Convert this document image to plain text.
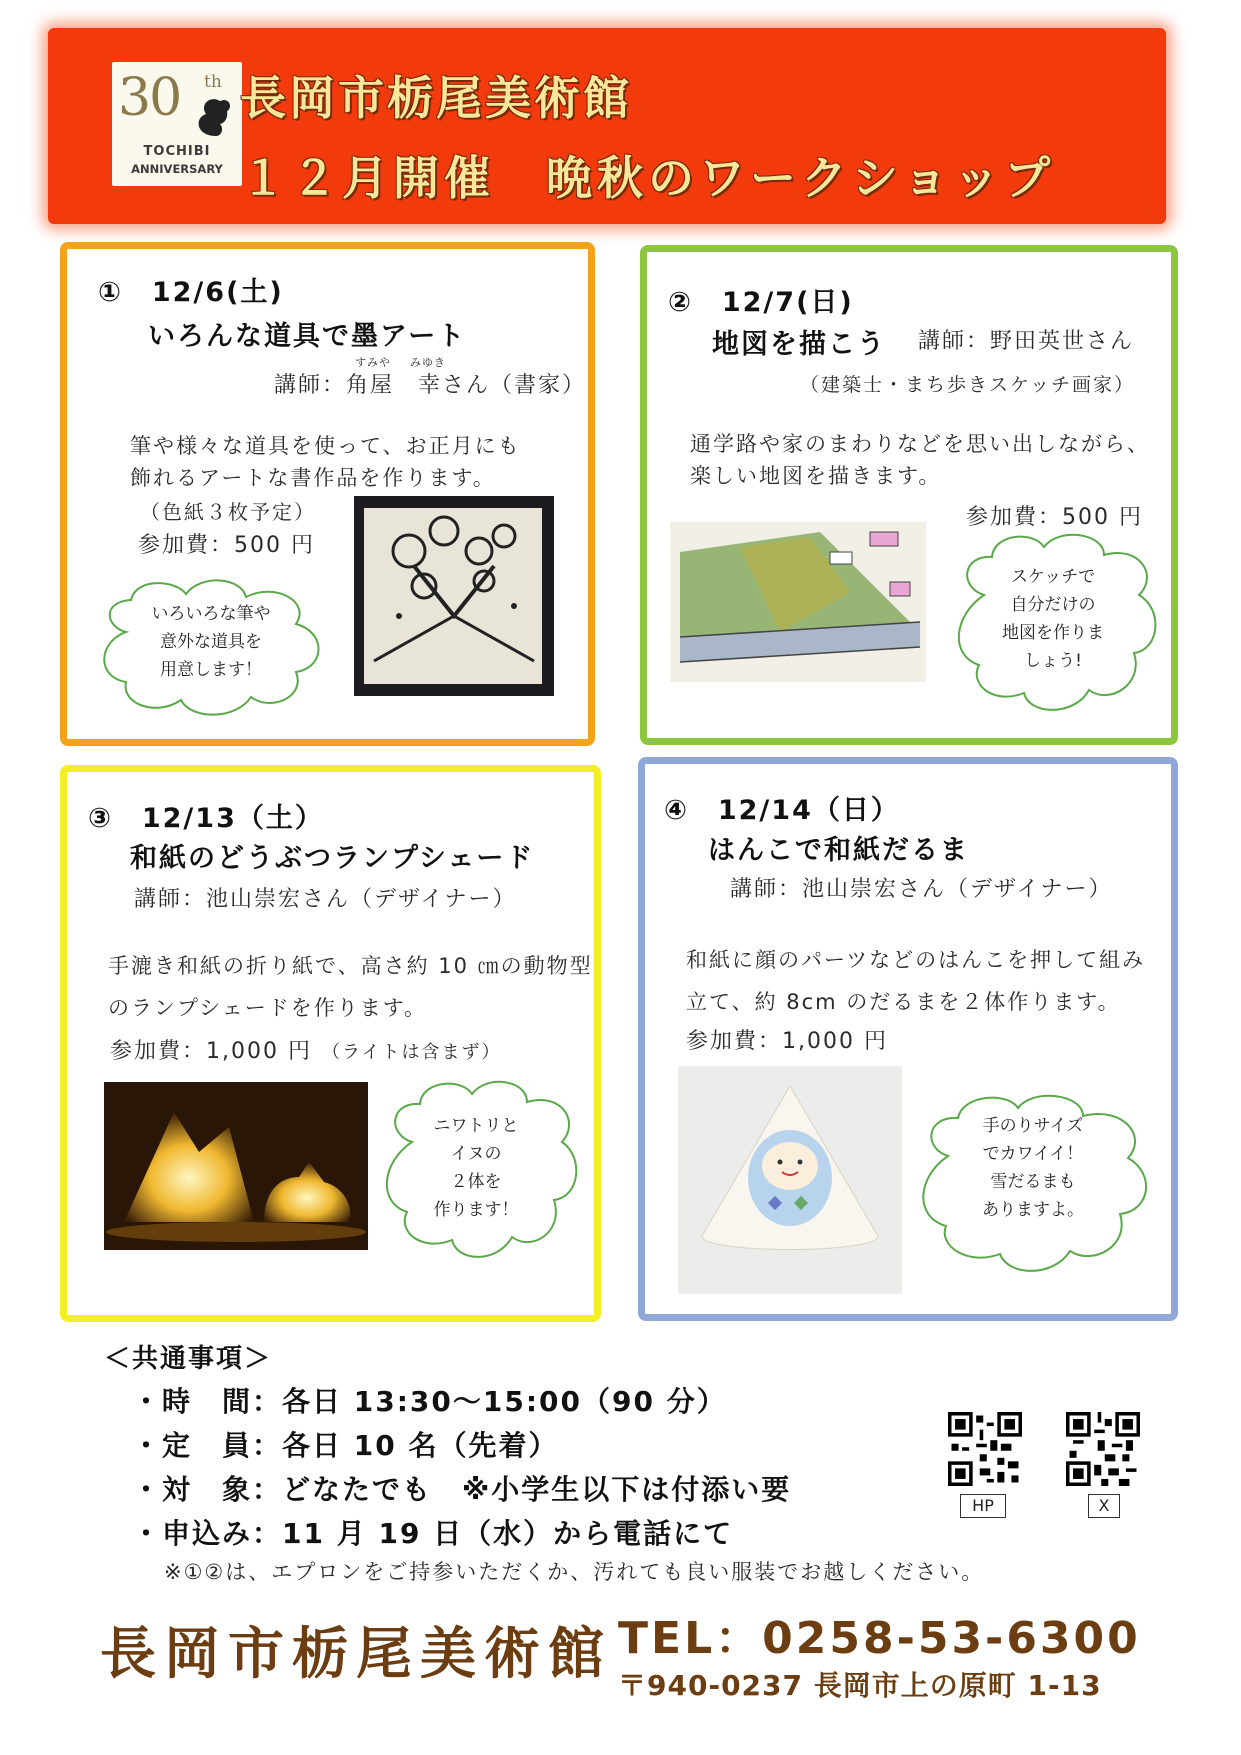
30 th
TOCHIBI
ANNIVERSARY
長岡市栃尾美術館
１２月開催　晩秋のワークショップ
①　12/6(土)
いろんな道具で墨アート
すみや みゆき
講師：角屋　幸さん（書家）
筆や様々な道具を使って、お正月にも
飾れるアートな書作品を作ります。
（色紙３枚予定）
参加費：500 円
いろいろな筆や
意外な道具を
用意します！
②　12/7(日)
地図を描こう 講師：野田英世さん
（建築士・まち歩きスケッチ画家）
通学路や家のまわりなどを思い出しながら、
楽しい地図を描きます。
参加費：500 円
スケッチで
自分だけの
地図を作りま
しょう!
③　12/13（土）
和紙のどうぶつランプシェード
講師：池山崇宏さん（デザイナー）
手漉き和紙の折り紙で、高さ約 10 ㎝の動物型
のランプシェードを作ります。
参加費：1,000 円 （ライトは含まず）
ニワトリと
イヌの
２体を
作ります！
④　12/14（日）
はんこで和紙だるま
講師：池山崇宏さん（デザイナー）
和紙に顔のパーツなどのはんこを押して組み
立て、約 8cm のだるまを２体作ります。
参加費：1,000 円
手のりサイズ
でカワイイ！
雪だるまも
ありますよ。
＜共通事項＞
・時　間：各日 13:30～15:00（90 分）
・定　員：各日 10 名（先着）
・対　象：どなたでも　※小学生以下は付添い要
・申込み：11 月 19 日（水）から電話にて
※①②は、エプロンをご持参いただくか、汚れても良い服装でお越しください。
HP	X
長岡市栃尾美術館 TEL：0258-53-6300
〒940-0237 長岡市上の原町 1-13
